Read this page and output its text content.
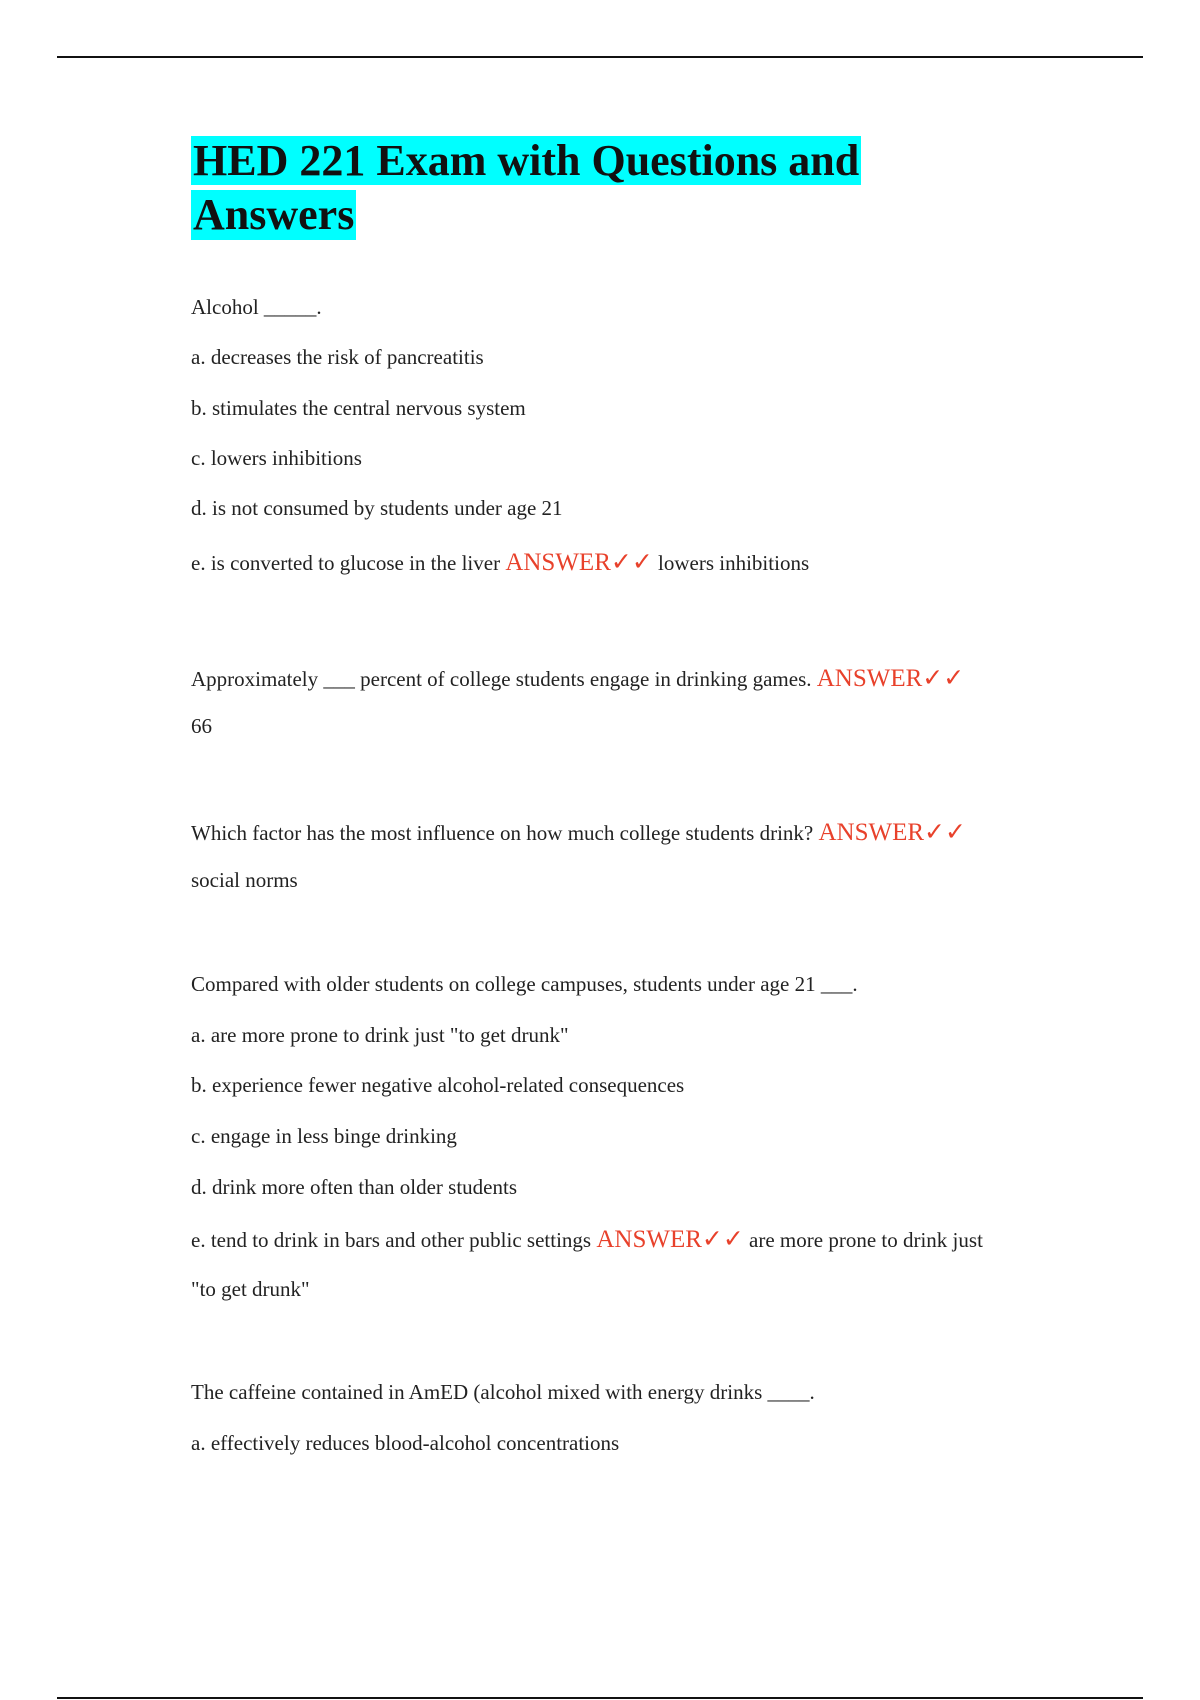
HED 221 Exam with Questions and
Answers

Alcohol _____.

a. decreases the risk of pancreatitis

b. stimulates the central nervous system

c. lowers inhibitions

d. is not consumed by students under age 21

e. is converted to glucose in the liver ANSWER✓✓ lowers inhibitions

Approximately ___ percent of college students engage in drinking games. ANSWER✓✓

66

Which factor has the most influence on how much college students drink? ANSWER✓✓

social norms

Compared with older students on college campuses, students under age 21 ___.

a. are more prone to drink just "to get drunk"

b. experience fewer negative alcohol-related consequences

c. engage in less binge drinking

d. drink more often than older students

e. tend to drink in bars and other public settings ANSWER✓✓ are more prone to drink just

"to get drunk"

The caffeine contained in AmED (alcohol mixed with energy drinks ____.

a. effectively reduces blood-alcohol concentrations
